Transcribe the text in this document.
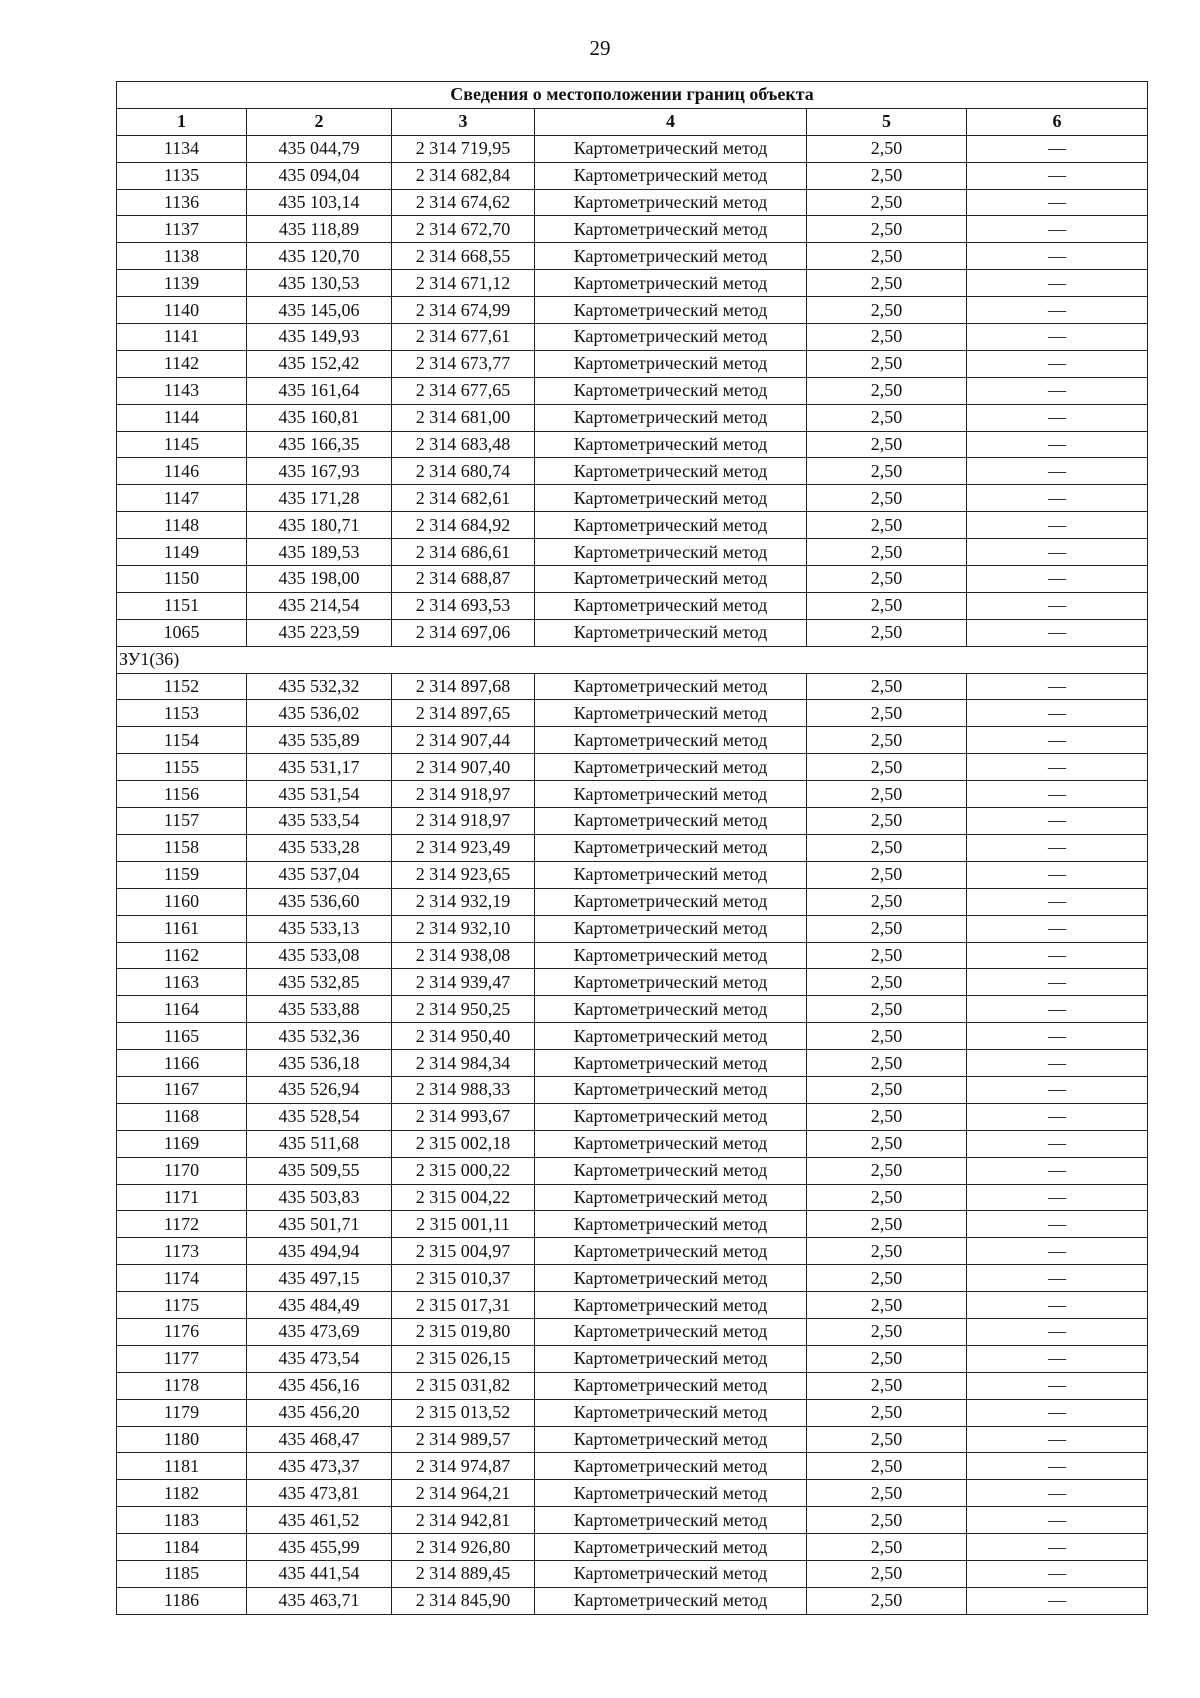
29
Сведения о местоположении границ объекта					
1	2	3	4	5	6
1134	435 044,79	2 314 719,95	Картометрический метод	2,50	—
1135	435 094,04	2 314 682,84	Картометрический метод	2,50	—
1136	435 103,14	2 314 674,62	Картометрический метод	2,50	—
1137	435 118,89	2 314 672,70	Картометрический метод	2,50	—
1138	435 120,70	2 314 668,55	Картометрический метод	2,50	—
1139	435 130,53	2 314 671,12	Картометрический метод	2,50	—
1140	435 145,06	2 314 674,99	Картометрический метод	2,50	—
1141	435 149,93	2 314 677,61	Картометрический метод	2,50	—
1142	435 152,42	2 314 673,77	Картометрический метод	2,50	—
1143	435 161,64	2 314 677,65	Картометрический метод	2,50	—
1144	435 160,81	2 314 681,00	Картометрический метод	2,50	—
1145	435 166,35	2 314 683,48	Картометрический метод	2,50	—
1146	435 167,93	2 314 680,74	Картометрический метод	2,50	—
1147	435 171,28	2 314 682,61	Картометрический метод	2,50	—
1148	435 180,71	2 314 684,92	Картометрический метод	2,50	—
1149	435 189,53	2 314 686,61	Картометрический метод	2,50	—
1150	435 198,00	2 314 688,87	Картометрический метод	2,50	—
1151	435 214,54	2 314 693,53	Картометрический метод	2,50	—
1065	435 223,59	2 314 697,06	Картометрический метод	2,50	—
ЗУ1(36)					
1152	435 532,32	2 314 897,68	Картометрический метод	2,50	—
1153	435 536,02	2 314 897,65	Картометрический метод	2,50	—
1154	435 535,89	2 314 907,44	Картометрический метод	2,50	—
1155	435 531,17	2 314 907,40	Картометрический метод	2,50	—
1156	435 531,54	2 314 918,97	Картометрический метод	2,50	—
1157	435 533,54	2 314 918,97	Картометрический метод	2,50	—
1158	435 533,28	2 314 923,49	Картометрический метод	2,50	—
1159	435 537,04	2 314 923,65	Картометрический метод	2,50	—
1160	435 536,60	2 314 932,19	Картометрический метод	2,50	—
1161	435 533,13	2 314 932,10	Картометрический метод	2,50	—
1162	435 533,08	2 314 938,08	Картометрический метод	2,50	—
1163	435 532,85	2 314 939,47	Картометрический метод	2,50	—
1164	435 533,88	2 314 950,25	Картометрический метод	2,50	—
1165	435 532,36	2 314 950,40	Картометрический метод	2,50	—
1166	435 536,18	2 314 984,34	Картометрический метод	2,50	—
1167	435 526,94	2 314 988,33	Картометрический метод	2,50	—
1168	435 528,54	2 314 993,67	Картометрический метод	2,50	—
1169	435 511,68	2 315 002,18	Картометрический метод	2,50	—
1170	435 509,55	2 315 000,22	Картометрический метод	2,50	—
1171	435 503,83	2 315 004,22	Картометрический метод	2,50	—
1172	435 501,71	2 315 001,11	Картометрический метод	2,50	—
1173	435 494,94	2 315 004,97	Картометрический метод	2,50	—
1174	435 497,15	2 315 010,37	Картометрический метод	2,50	—
1175	435 484,49	2 315 017,31	Картометрический метод	2,50	—
1176	435 473,69	2 315 019,80	Картометрический метод	2,50	—
1177	435 473,54	2 315 026,15	Картометрический метод	2,50	—
1178	435 456,16	2 315 031,82	Картометрический метод	2,50	—
1179	435 456,20	2 315 013,52	Картометрический метод	2,50	—
1180	435 468,47	2 314 989,57	Картометрический метод	2,50	—
1181	435 473,37	2 314 974,87	Картометрический метод	2,50	—
1182	435 473,81	2 314 964,21	Картометрический метод	2,50	—
1183	435 461,52	2 314 942,81	Картометрический метод	2,50	—
1184	435 455,99	2 314 926,80	Картометрический метод	2,50	—
1185	435 441,54	2 314 889,45	Картометрический метод	2,50	—
1186	435 463,71	2 314 845,90	Картометрический метод	2,50	—
